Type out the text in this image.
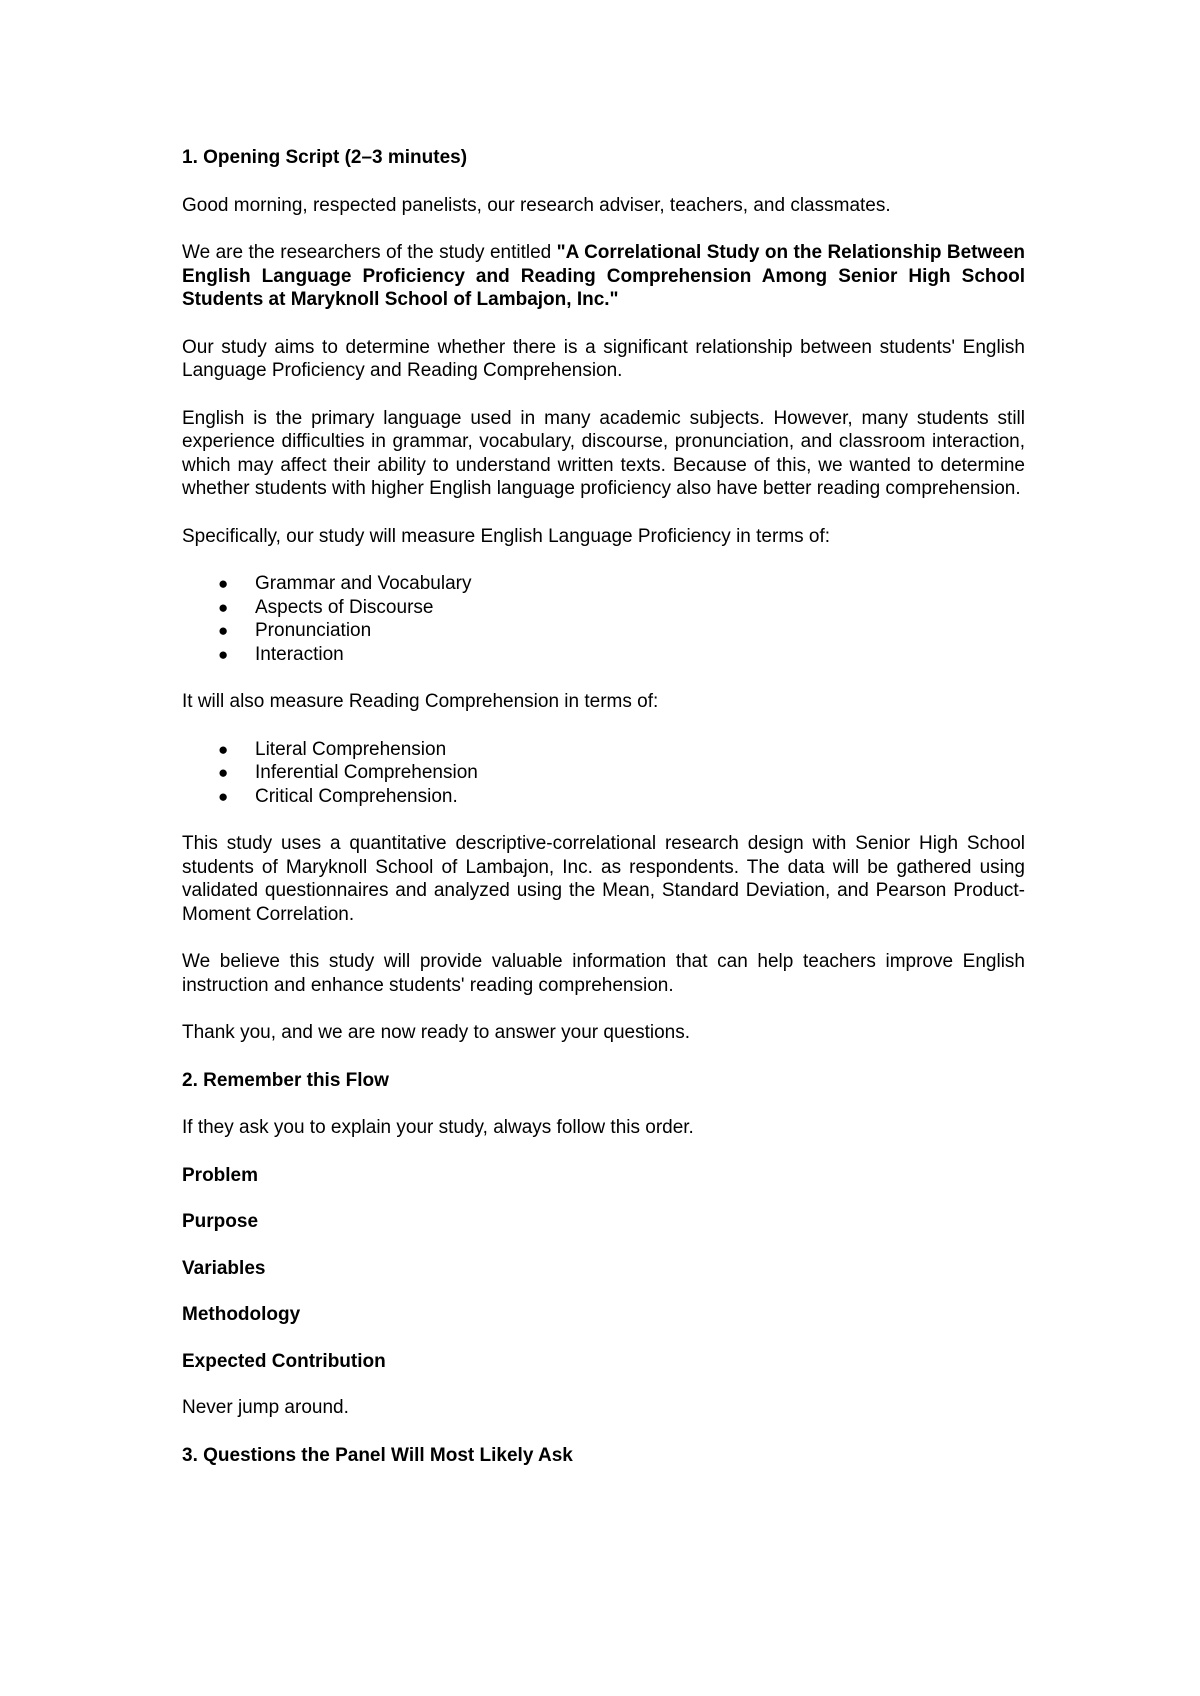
1. Opening Script (2–3 minutes)

Good morning, respected panelists, our research adviser, teachers, and classmates.

We are the researchers of the study entitled "A Correlational Study on the Relationship Between English Language Proficiency and Reading Comprehension Among Senior High School Students at Maryknoll School of Lambajon, Inc."

Our study aims to determine whether there is a significant relationship between students' English Language Proficiency and Reading Comprehension.

English is the primary language used in many academic subjects. However, many students still experience difficulties in grammar, vocabulary, discourse, pronunciation, and classroom interaction, which may affect their ability to understand written texts. Because of this, we wanted to determine whether students with higher English language proficiency also have better reading comprehension.

Specifically, our study will measure English Language Proficiency in terms of:

● Grammar and Vocabulary
● Aspects of Discourse
● Pronunciation
● Interaction

It will also measure Reading Comprehension in terms of:

● Literal Comprehension
● Inferential Comprehension
● Critical Comprehension.

This study uses a quantitative descriptive-correlational research design with Senior High School students of Maryknoll School of Lambajon, Inc. as respondents. The data will be gathered using validated questionnaires and analyzed using the Mean, Standard Deviation, and Pearson Product-Moment Correlation.

We believe this study will provide valuable information that can help teachers improve English instruction and enhance students' reading comprehension.

Thank you, and we are now ready to answer your questions.

2. Remember this Flow

If they ask you to explain your study, always follow this order.

Problem

Purpose

Variables

Methodology

Expected Contribution

Never jump around.

3. Questions the Panel Will Most Likely Ask
